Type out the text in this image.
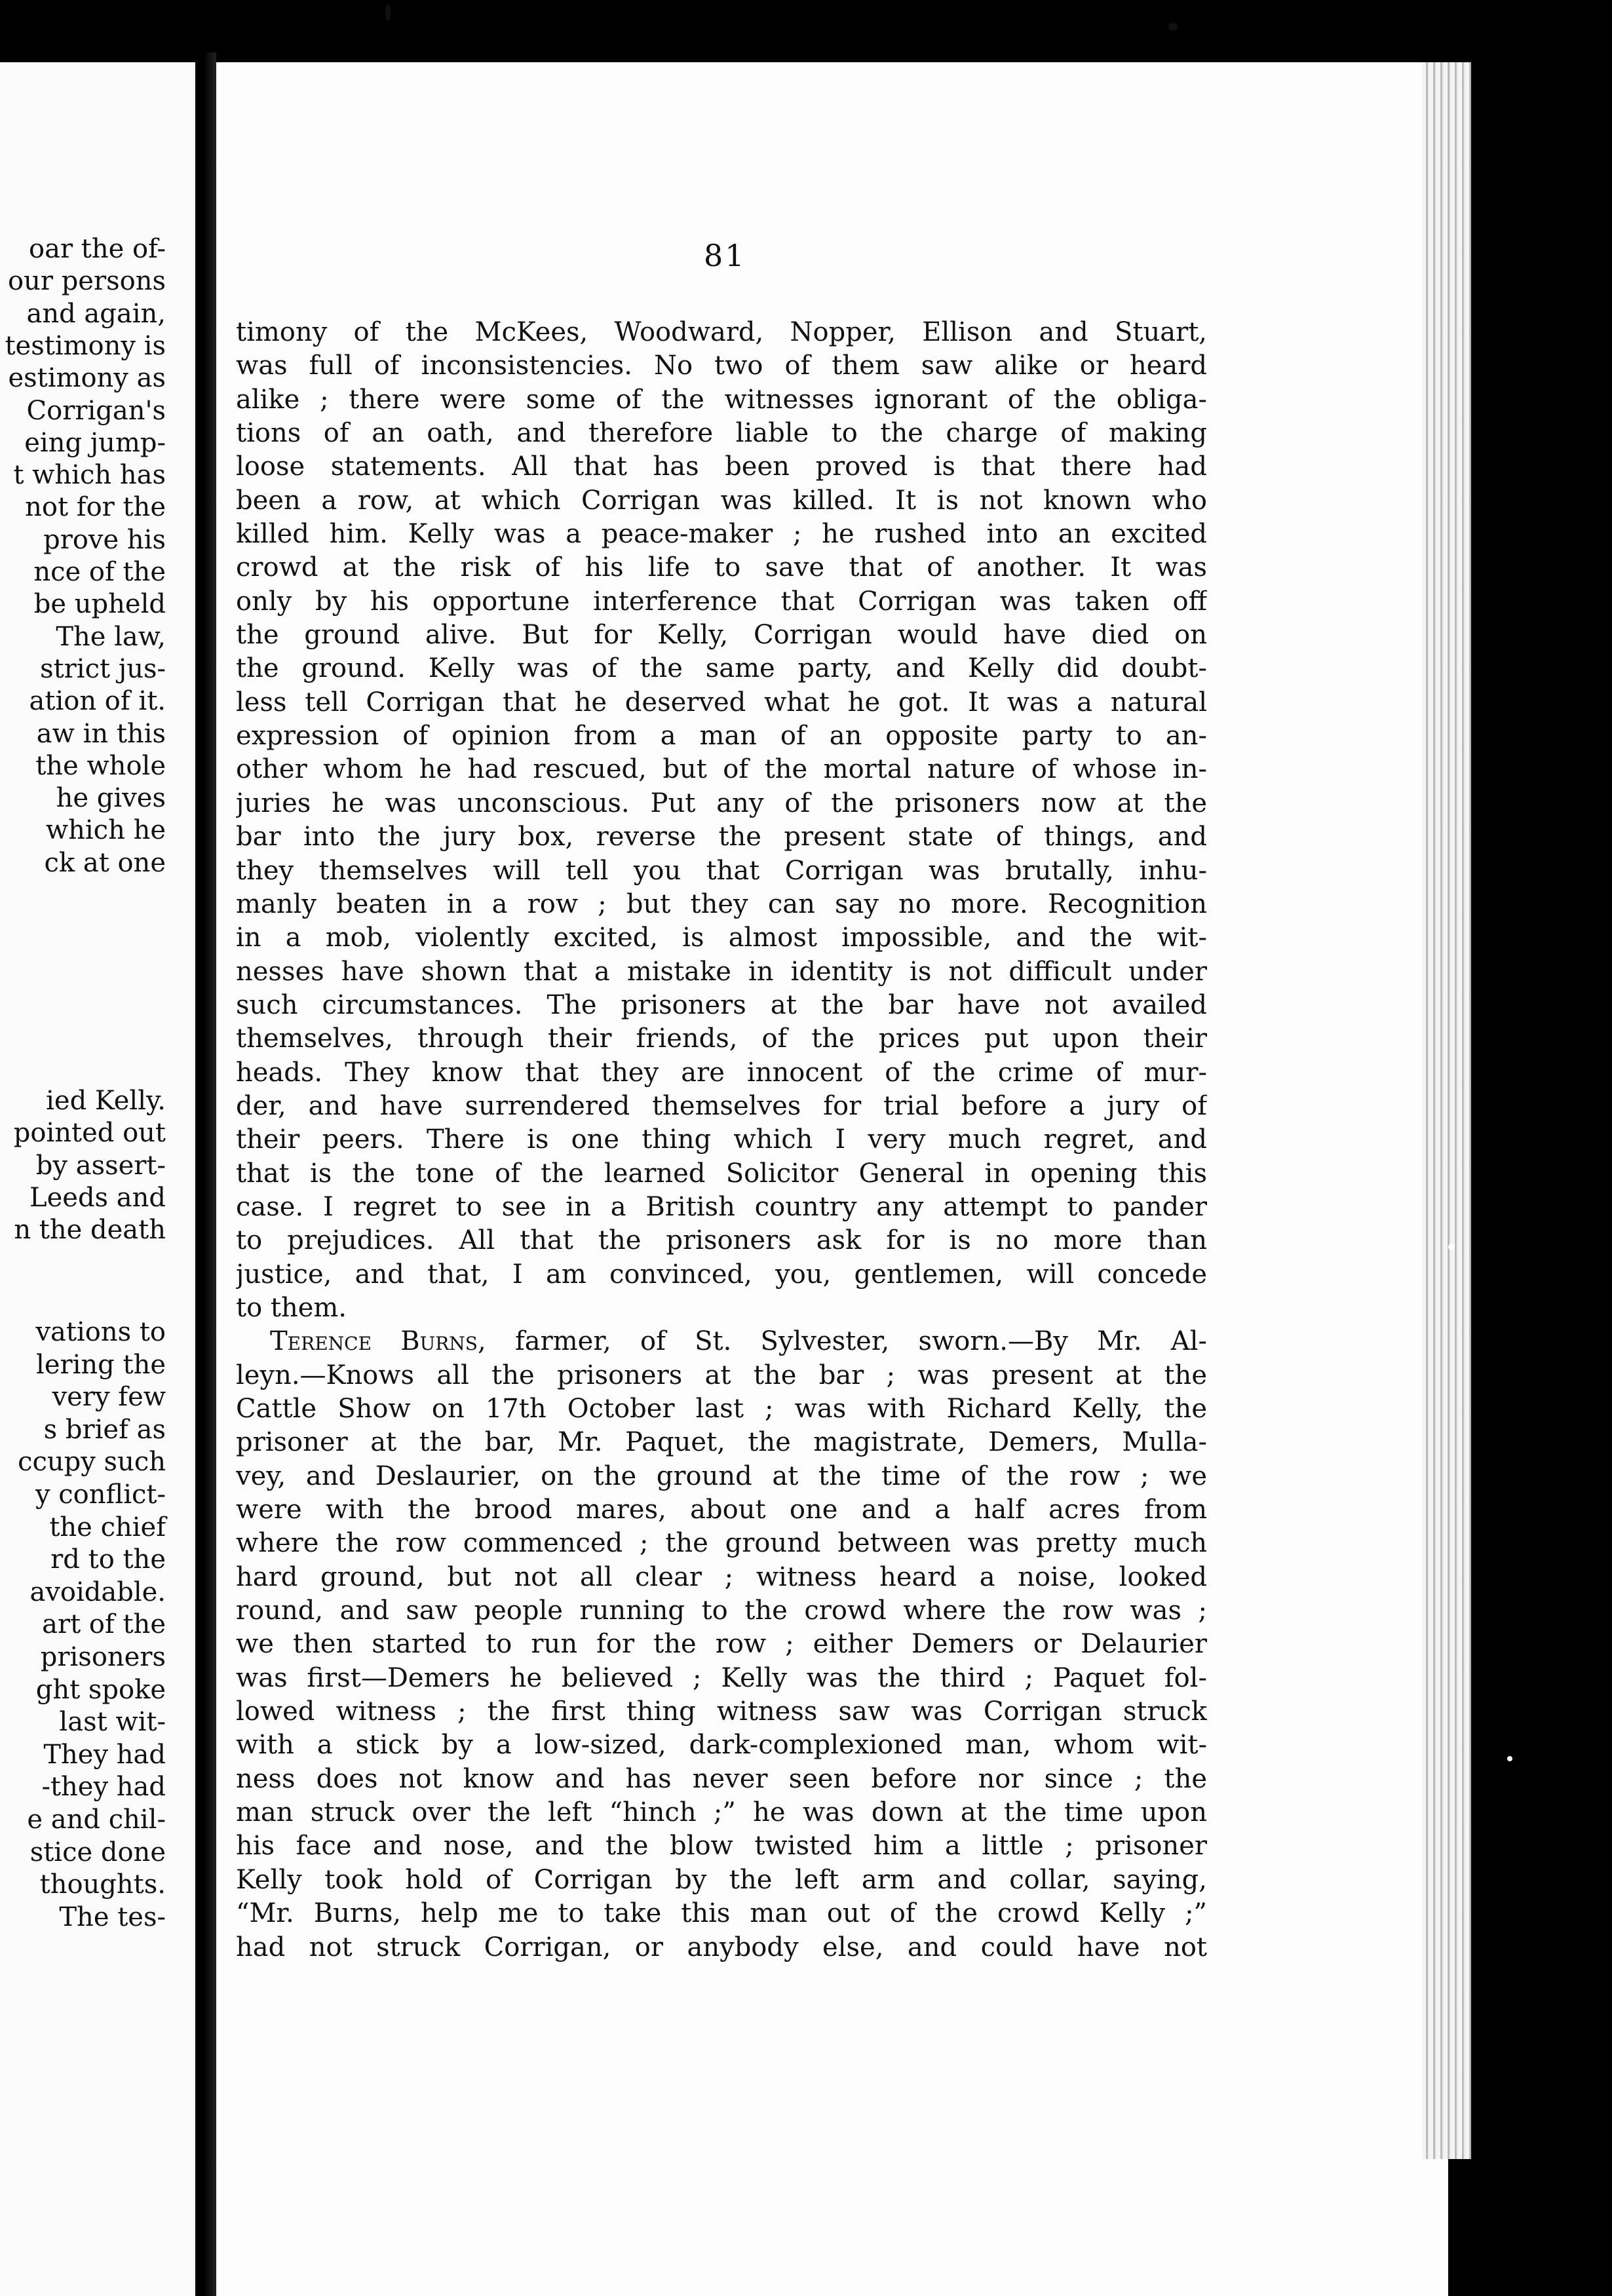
oar the of-
our persons
and again,
testimony is
estimony as
Corrigan's
eing jump-
t which has
not for the
prove his
nce of the
be upheld
The law,
strict jus-
ation of it.
aw in this
the whole
he gives
which he
ck at one
ied Kelly.
pointed out
by assert-
Leeds and
n the death
vations to
lering the
very few
s brief as
ccupy such
y conflict-
the chief
rd to the
avoidable.
art of the
prisoners
ght spoke
last wit-
They had
-they had
e and chil-
stice done
thoughts.
The tes-
81
timony of the McKees, Woodward, Nopper, Ellison and Stuart,
was full of inconsistencies. No two of them saw alike or heard
alike ; there were some of the witnesses ignorant of the obliga-
tions of an oath, and therefore liable to the charge of making
loose statements. All that has been proved is that there had
been a row, at which Corrigan was killed. It is not known who
killed him. Kelly was a peace-maker ; he rushed into an excited
crowd at the risk of his life to save that of another. It was
only by his opportune interference that Corrigan was taken off
the ground alive. But for Kelly, Corrigan would have died on
the ground. Kelly was of the same party, and Kelly did doubt-
less tell Corrigan that he deserved what he got. It was a natural
expression of opinion from a man of an opposite party to an-
other whom he had rescued, but of the mortal nature of whose in-
juries he was unconscious. Put any of the prisoners now at the
bar into the jury box, reverse the present state of things, and
they themselves will tell you that Corrigan was brutally, inhu-
manly beaten in a row ; but they can say no more. Recognition
in a mob, violently excited, is almost impossible, and the wit-
nesses have shown that a mistake in identity is not difficult under
such circumstances. The prisoners at the bar have not availed
themselves, through their friends, of the prices put upon their
heads. They know that they are innocent of the crime of mur-
der, and have surrendered themselves for trial before a jury of
their peers. There is one thing which I very much regret, and
that is the tone of the learned Solicitor General in opening this
case. I regret to see in a British country any attempt to pander
to prejudices. All that the prisoners ask for is no more than
justice, and that, I am convinced, you, gentlemen, will concede
to them.
Terence Burns, farmer, of St. Sylvester, sworn.—By Mr. Al-
leyn.—Knows all the prisoners at the bar ; was present at the
Cattle Show on 17th October last ; was with Richard Kelly, the
prisoner at the bar, Mr. Paquet, the magistrate, Demers, Mulla-
vey, and Deslaurier, on the ground at the time of the row ; we
were with the brood mares, about one and a half acres from
where the row commenced ; the ground between was pretty much
hard ground, but not all clear ; witness heard a noise, looked
round, and saw people running to the crowd where the row was ;
we then started to run for the row ; either Demers or Delaurier
was first—Demers he believed ; Kelly was the third ; Paquet fol-
lowed witness ; the first thing witness saw was Corrigan struck
with a stick by a low-sized, dark-complexioned man, whom wit-
ness does not know and has never seen before nor since ; the
man struck over the left “hinch ;” he was down at the time upon
his face and nose, and the blow twisted him a little ; prisoner
Kelly took hold of Corrigan by the left arm and collar, saying,
“Mr. Burns, help me to take this man out of the crowd Kelly ;”
had not struck Corrigan, or anybody else, and could have not
